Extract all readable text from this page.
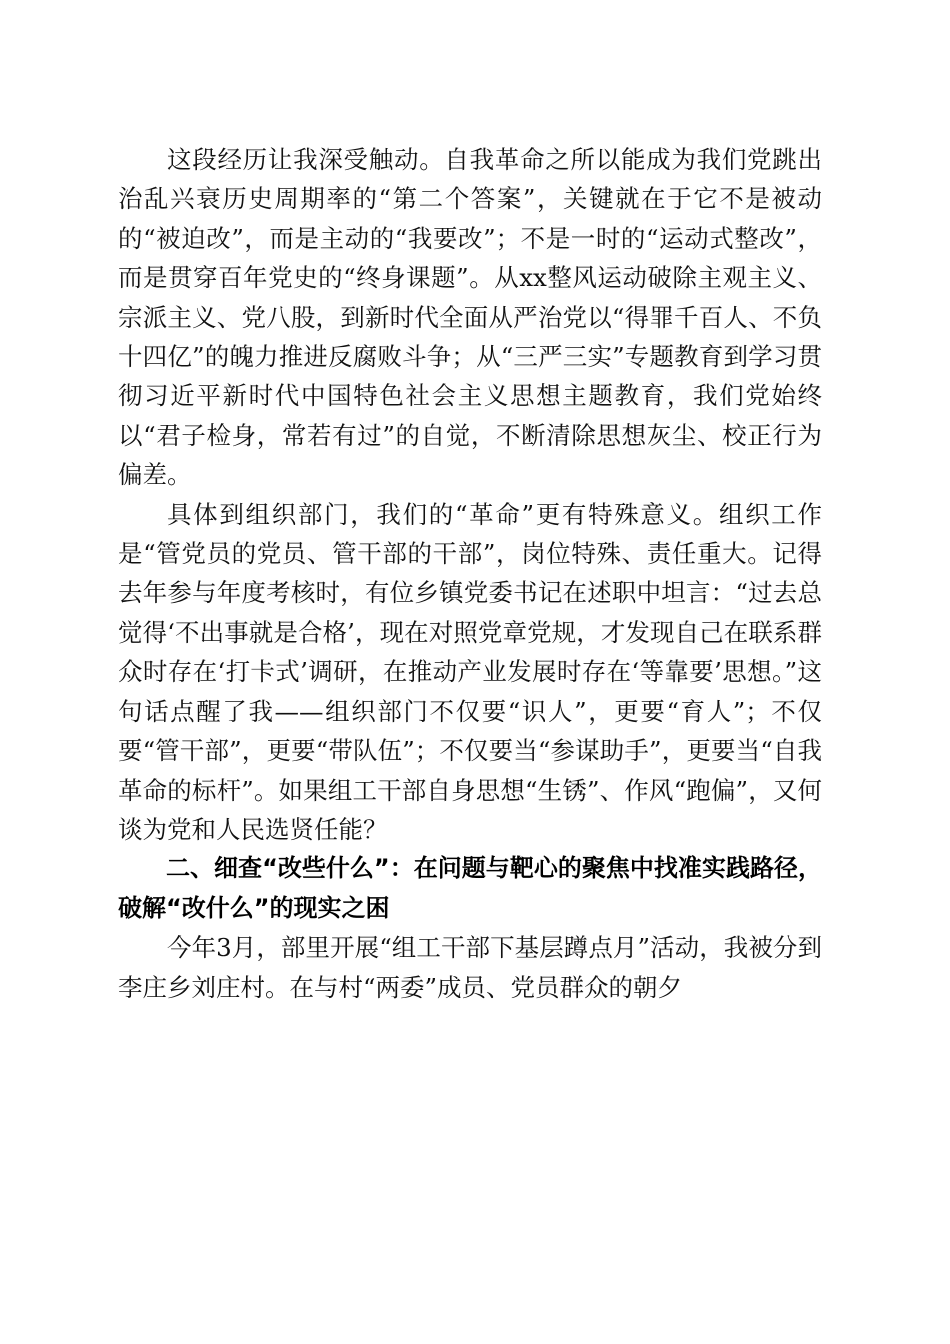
这段经历让我深受触动。自我革命之所以能成为我们党跳出治乱兴衰历史周期率的“第二个答案”，关键就在于它不是被动的“被迫改”，而是主动的“我要改”；不是一时的“运动式整改”，而是贯穿百年党史的“终身课题”。从xx整风运动破除主观主义、宗派主义、党八股，到新时代全面从严治党以“得罪千百人、不负十四亿”的魄力推进反腐败斗争；从“三严三实”专题教育到学习贯彻习近平新时代中国特色社会主义思想主题教育，我们党始终以“君子检身，常若有过”的自觉，不断清除思想灰尘、校正行为偏差。

具体到组织部门，我们的“革命”更有特殊意义。组织工作是“管党员的党员、管干部的干部”，岗位特殊、责任重大。记得去年参与年度考核时，有位乡镇党委书记在述职中坦言：“过去总觉得‘不出事就是合格’，现在对照党章党规，才发现自己在联系群众时存在‘打卡式’调研，在推动产业发展时存在‘等靠要’思想。”这句话点醒了我——组织部门不仅要“识人”，更要“育人”；不仅要“管干部”，更要“带队伍”；不仅要当“参谋助手”，更要当“自我革命的标杆”。如果组工干部自身思想“生锈”、作风“跑偏”，又何谈为党和人民选贤任能？

二、细查“改些什么”：在问题与靶心的聚焦中找准实践路径，破解“改什么”的现实之困

今年3月，部里开展“组工干部下基层蹲点月”活动，我被分到李庄乡刘庄村。在与村“两委”成员、党员群众的朝夕
